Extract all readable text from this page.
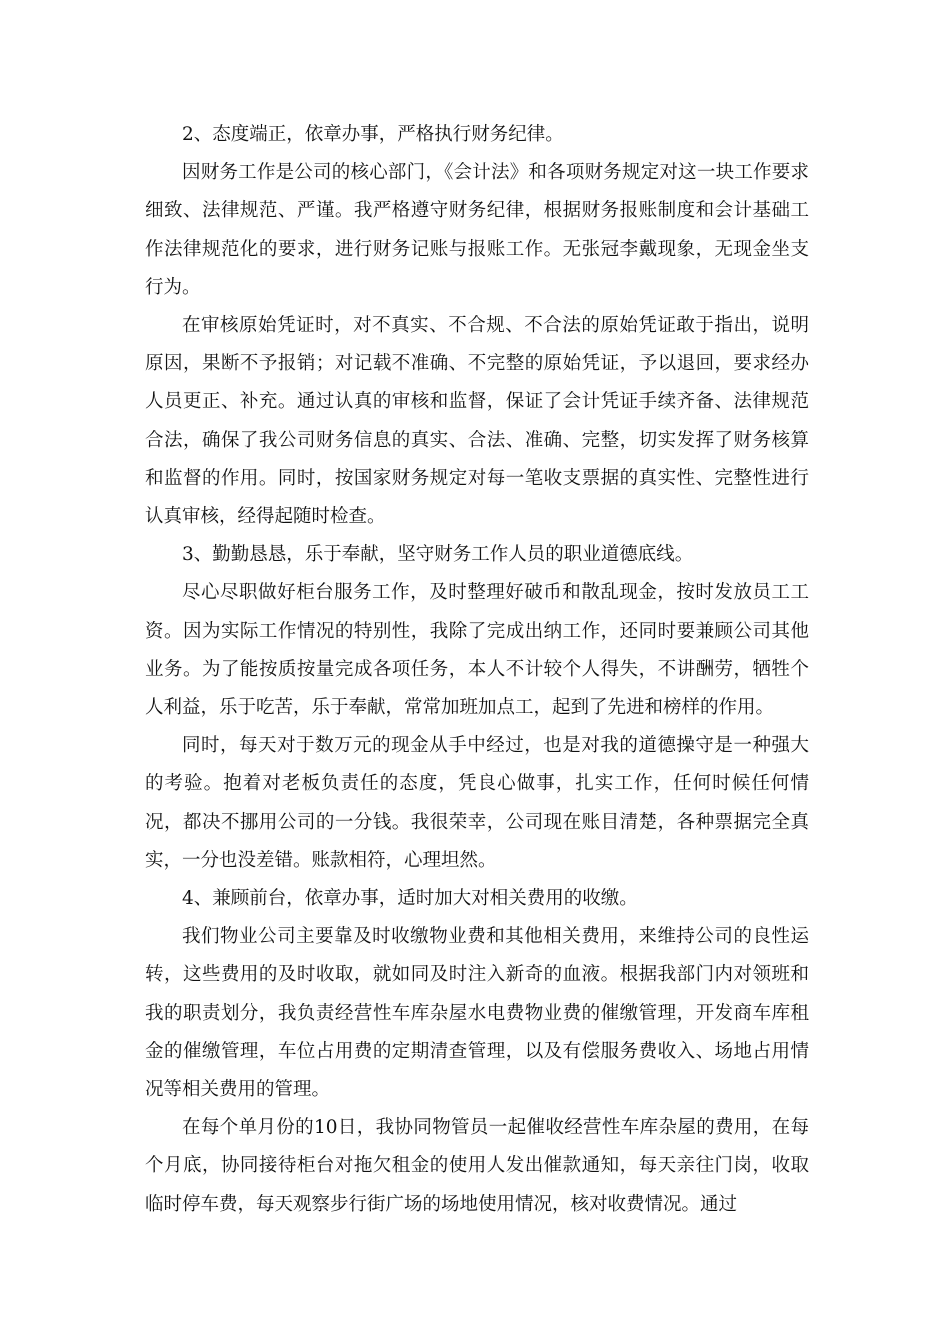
2、态度端正，依章办事，严格执行财务纪律。

因财务工作是公司的核心部门，《会计法》和各项财务规定对这一块工作要求细致、法律规范、严谨。我严格遵守财务纪律，根据财务报账制度和会计基础工作法律规范化的要求，进行财务记账与报账工作。无张冠李戴现象，无现金坐支行为。

在审核原始凭证时，对不真实、不合规、不合法的原始凭证敢于指出，说明原因，果断不予报销；对记载不准确、不完整的原始凭证，予以退回，要求经办人员更正、补充。通过认真的审核和监督，保证了会计凭证手续齐备、法律规范合法，确保了我公司财务信息的真实、合法、准确、完整，切实发挥了财务核算和监督的作用。同时，按国家财务规定对每一笔收支票据的真实性、完整性进行认真审核，经得起随时检查。

3、勤勤恳恳，乐于奉献，坚守财务工作人员的职业道德底线。

尽心尽职做好柜台服务工作，及时整理好破币和散乱现金，按时发放员工工资。因为实际工作情况的特别性，我除了完成出纳工作，还同时要兼顾公司其他业务。为了能按质按量完成各项任务，本人不计较个人得失，不讲酬劳，牺牲个人利益，乐于吃苦，乐于奉献，常常加班加点工，起到了先进和榜样的作用。

同时，每天对于数万元的现金从手中经过，也是对我的道德操守是一种强大的考验。抱着对老板负责任的态度，凭良心做事，扎实工作，任何时候任何情况，都决不挪用公司的一分钱。我很荣幸，公司现在账目清楚，各种票据完全真实，一分也没差错。账款相符，心理坦然。

4、兼顾前台，依章办事，适时加大对相关费用的收缴。

我们物业公司主要靠及时收缴物业费和其他相关费用，来维持公司的良性运转，这些费用的及时收取，就如同及时注入新奇的血液。根据我部门内对领班和我的职责划分，我负责经营性车库杂屋水电费物业费的催缴管理，开发商车库租金的催缴管理，车位占用费的定期清查管理，以及有偿服务费收入、场地占用情况等相关费用的管理。

在每个单月份的10日，我协同物管员一起催收经营性车库杂屋的费用，在每个月底，协同接待柜台对拖欠租金的使用人发出催款通知，每天亲往门岗，收取临时停车费，每天观察步行街广场的场地使用情况，核对收费情况。通过
